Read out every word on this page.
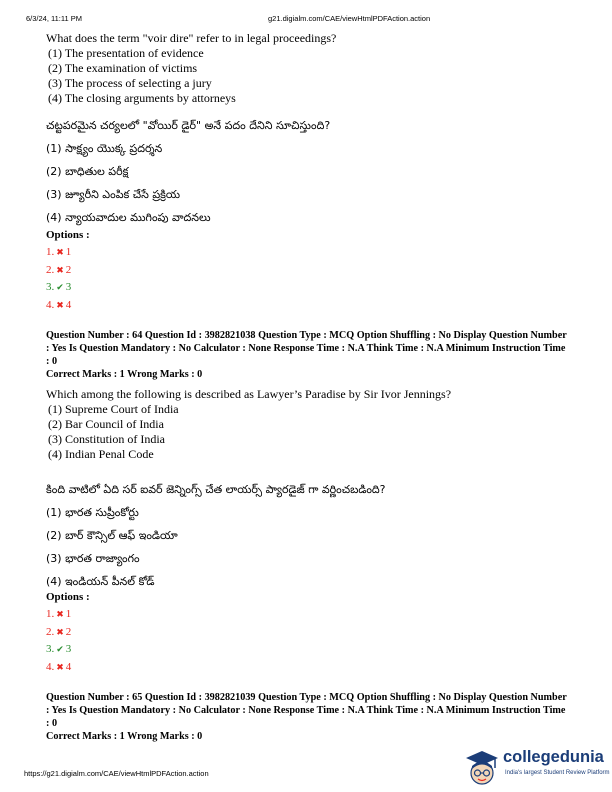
6/3/24, 11:11 PM	g21.digialm.com/CAE/viewHtmlPDFAction.action
What does the term "voir dire" refer to in legal proceedings?
(1) The presentation of evidence
(2) The examination of victims
(3) The process of selecting a jury
(4) The closing arguments by attorneys
చట్టపరమైన చర్యలలో "వోయిర్ డైర్" అనే పదం దేనిని సూచిస్తుంది?
(1) సాక్ష్యం యొక్క ప్రదర్శన
(2) బాధితుల పరీక్ష
(3) జ్యూరీని ఎంపిక చేసే ప్రక్రియ
(4) న్యాయవాదుల ముగింపు వాదనలు
Options :
1. ✖ 1
2. ✖ 2
3. ✔ 3
4. ✖ 4
Question Number : 64 Question Id : 3982821038 Question Type : MCQ Option Shuffling : No Display Question Number : Yes Is Question Mandatory : No Calculator : None Response Time : N.A Think Time : N.A Minimum Instruction Time : 0
Correct Marks : 1 Wrong Marks : 0
Which among the following is described as Lawyer’s Paradise by Sir Ivor Jennings?
(1) Supreme Court of India
(2) Bar Council of India
(3) Constitution of India
(4) Indian Penal Code
కింది వాటిలో ఏది సర్ ఐవర్ జెన్నింగ్స్ చేత లాయర్స్ ప్యారడైజ్ గా వర్ణించబడింది?
(1) భారత సుప్రీంకోర్టు
(2) బార్ కౌన్సిల్ ఆఫ్ ఇండియా
(3) భారత రాజ్యాంగం
(4) ఇండియన్ పీనల్ కోడ్
Options :
1. ✖ 1
2. ✖ 2
3. ✔ 3
4. ✖ 4
Question Number : 65 Question Id : 3982821039 Question Type : MCQ Option Shuffling : No Display Question Number : Yes Is Question Mandatory : No Calculator : None Response Time : N.A Think Time : N.A Minimum Instruction Time : 0
Correct Marks : 1 Wrong Marks : 0
https://g21.digialm.com/CAE/viewHtmlPDFAction.action
collegedunia
India's largest Student Review Platform
